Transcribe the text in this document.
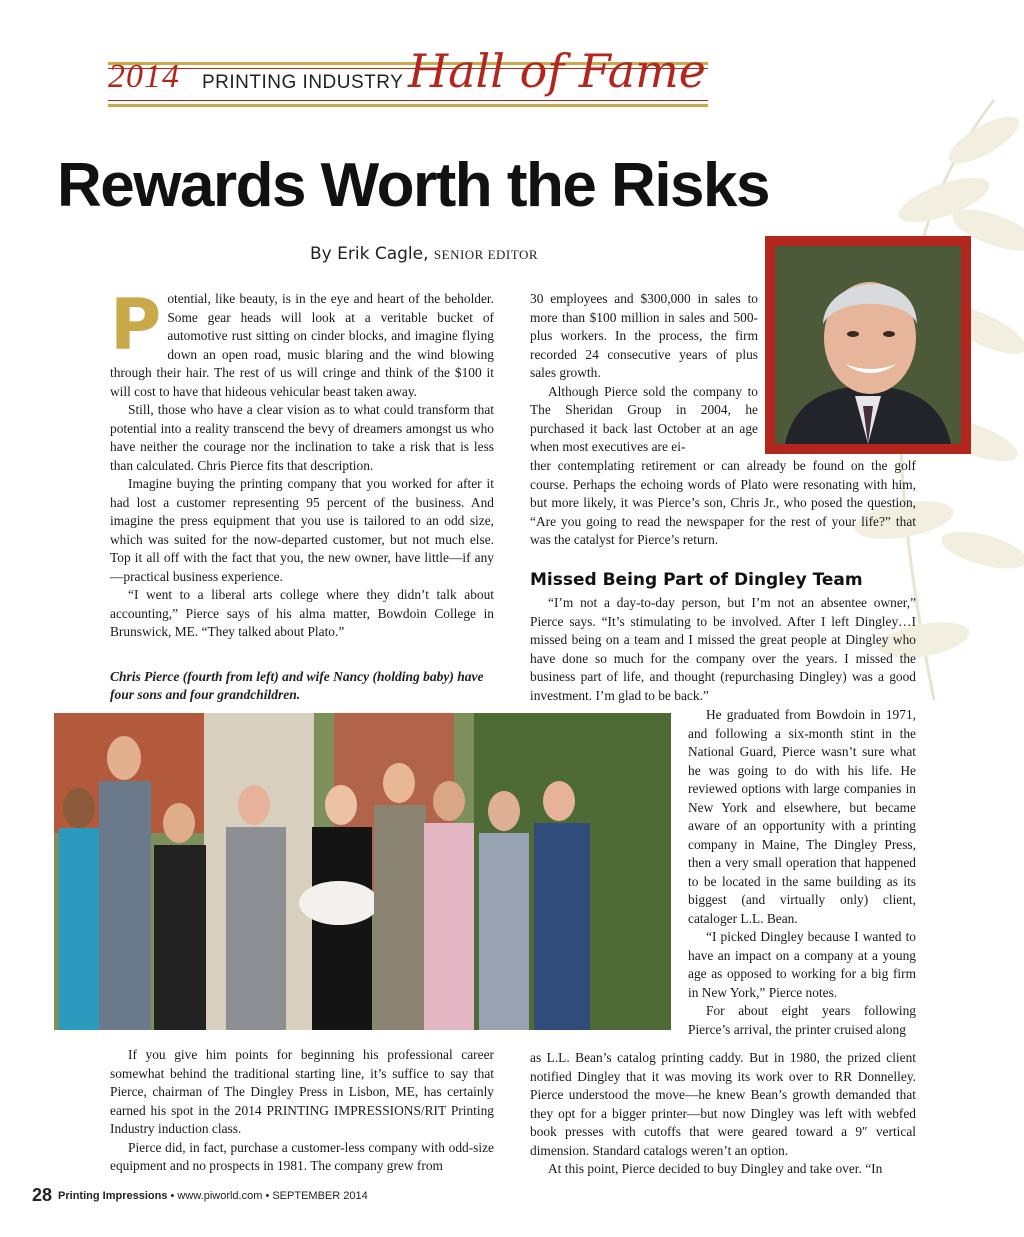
2014 PRINTING INDUSTRY Hall of Fame
Rewards Worth the Risks
By Erik Cagle, SENIOR EDITOR
P otential, like beauty, is in the eye and heart of the beholder. Some gear heads will look at a veritable bucket of automotive rust sitting on cinder blocks, and imagine flying down an open road, music blaring and the wind blowing through their hair. The rest of us will cringe and think of the $100 it will cost to have that hideous vehicular beast taken away.

Still, those who have a clear vision as to what could transform that potential into a reality transcend the bevy of dreamers amongst us who have neither the courage nor the inclination to take a risk that is less than calculated. Chris Pierce fits that description.

Imagine buying the printing company that you worked for after it had lost a customer representing 95 percent of the business. And imagine the press equipment that you use is tailored to an odd size, which was suited for the now-departed customer, but not much else. Top it all off with the fact that you, the new owner, have little—if any—practical business experience.

“I went to a liberal arts college where they didn’t talk about accounting,” Pierce says of his alma matter, Bowdoin College in Brunswick, ME. “They talked about Plato.”

Chris Pierce (fourth from left) and wife Nancy (holding baby) have four sons and four grandchildren.

If you give him points for beginning his professional career somewhat behind the traditional starting line, it’s suffice to say that Pierce, chairman of The Dingley Press in Lisbon, ME, has certainly earned his spot in the 2014 PRINTING IMPRESSIONS/RIT Printing Industry induction class.

Pierce did, in fact, purchase a customer-less company with odd-size equipment and no prospects in 1981. The company grew from

30 employees and $300,000 in sales to more than $100 million in sales and 500-plus workers. In the process, the firm recorded 24 consecutive years of plus sales growth.

Although Pierce sold the company to The Sheridan Group in 2004, he purchased it back last October at an age when most executives are ei-

ther contemplating retirement or can already be found on the golf course. Perhaps the echoing words of Plato were resonating with him, but more likely, it was Pierce’s son, Chris Jr., who posed the question, “Are you going to read the newspaper for the rest of your life?” that was the catalyst for Pierce’s return.

Missed Being Part of Dingley Team

“I’m not a day-to-day person, but I’m not an absentee owner,” Pierce says. “It’s stimulating to be involved. After I left Dingley…I missed being on a team and I missed the great people at Dingley who have done so much for the company over the years. I missed the business part of life, and thought (repurchasing Dingley) was a good investment. I’m glad to be back.”

He graduated from Bowdoin in 1971, and following a six-month stint in the National Guard, Pierce wasn’t sure what he was going to do with his life. He reviewed options with large companies in New York and elsewhere, but became aware of an opportunity with a printing company in Maine, The Dingley Press, then a very small operation that happened to be located in the same building as its biggest (and virtually only) client, cataloger L.L. Bean.

“I picked Dingley because I wanted to have an impact on a company at a young age as opposed to working for a big firm in New York,” Pierce notes.

For about eight years following Pierce’s arrival, the printer cruised along

as L.L. Bean’s catalog printing caddy. But in 1980, the prized client notified Dingley that it was moving its work over to RR Donnelley. Pierce understood the move—he knew Bean’s growth demanded that they opt for a bigger printer—but now Dingley was left with webfed book presses with cutoffs that were geared toward a 9″ vertical dimension. Standard catalogs weren’t an option.

At this point, Pierce decided to buy Dingley and take over. “In

28 Printing Impressions • www.piworld.com • SEPTEMBER 2014
